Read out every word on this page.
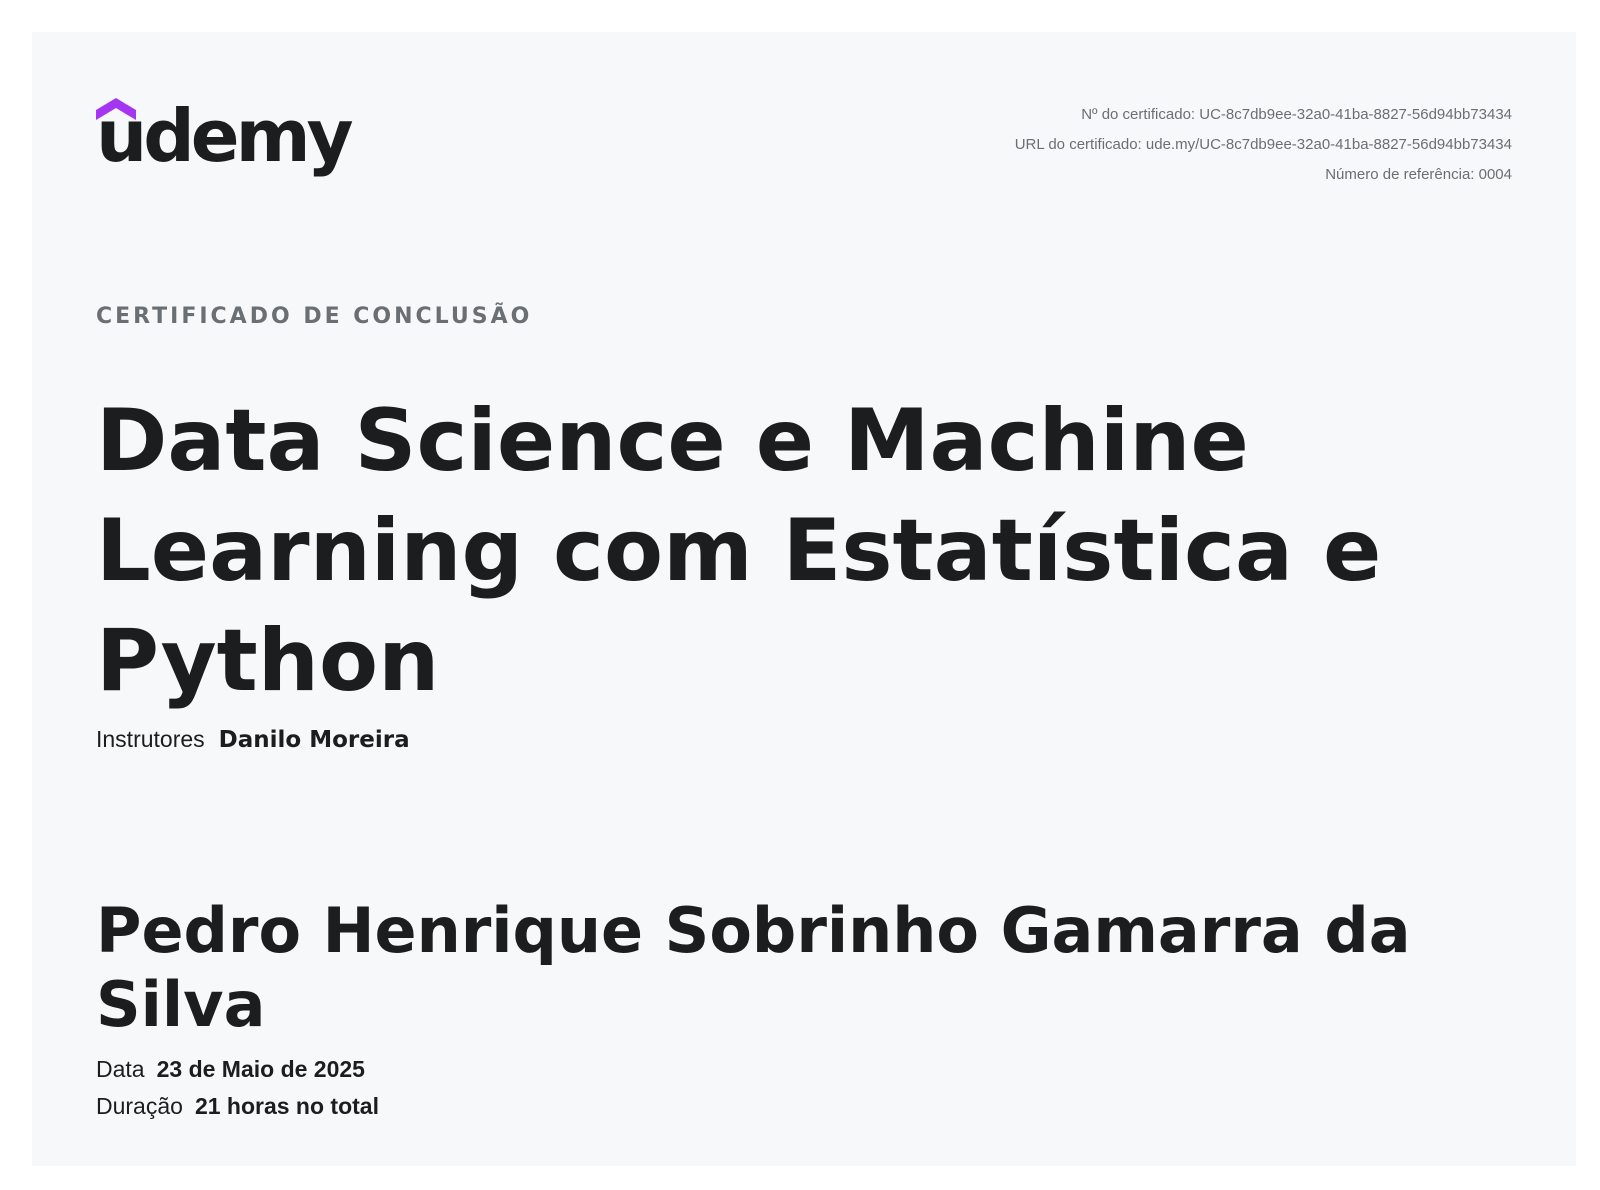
udemy	Nº do certificado: UC-8c7db9ee-32a0-41ba-8827-56d94bb73434
URL do certificado: ude.my/UC-8c7db9ee-32a0-41ba-8827-56d94bb73434
Número de referência: 0004
CERTIFICADO DE CONCLUSÃO
Data Science e Machine Learning com Estatística e Python
Instrutores Danilo Moreira
Pedro Henrique Sobrinho Gamarra da Silva
Data 23 de Maio de 2025
Duração 21 horas no total
